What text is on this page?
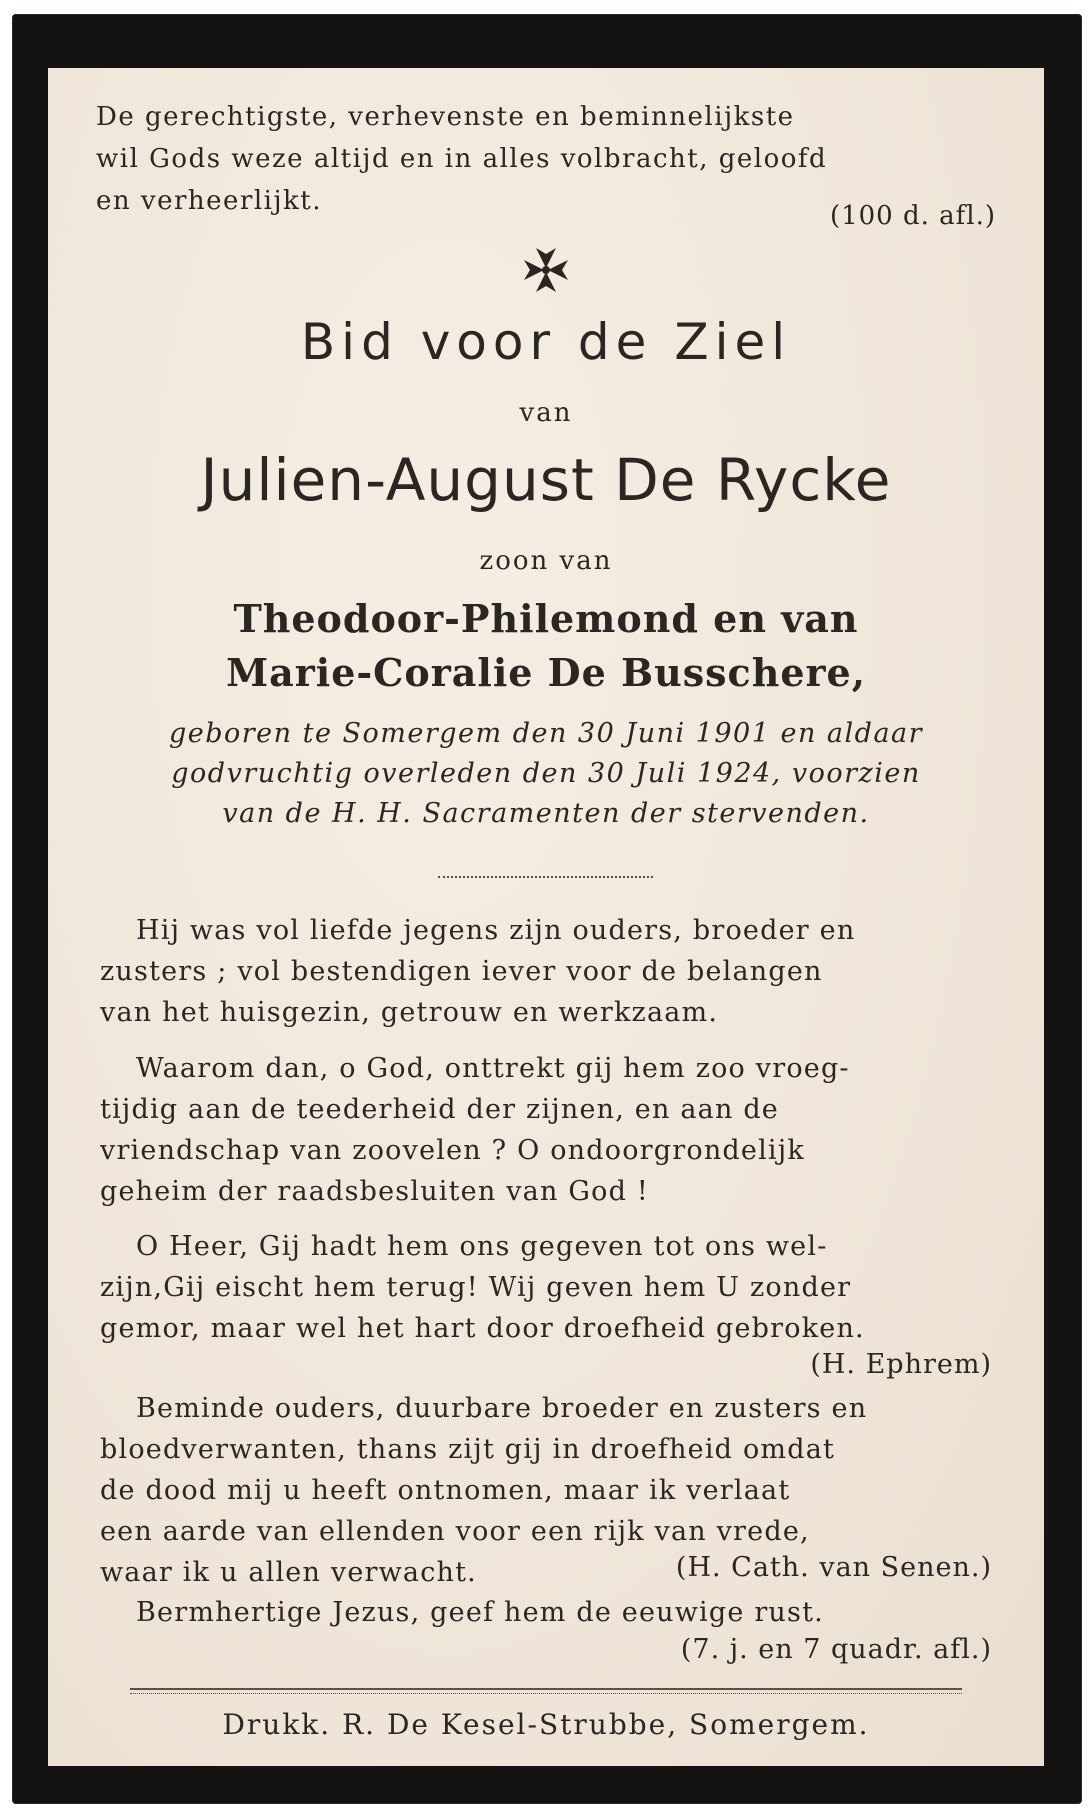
De gerechtigste, verhevenste en beminnelijkste
wil Gods weze altijd en in alles volbracht, geloofd
en verheerlijkt.	(100 d. afl.)
Bid voor de Ziel
van
Julien-August De Rycke
zoon van
Theodoor-Philemond en van
Marie-Coralie De Busschere,
geboren te Somergem den 30 Juni 1901 en aldaar
godvruchtig overleden den 30 Juli 1924, voorzien
van de H. H. Sacramenten der stervenden.
Hij was vol liefde jegens zijn ouders, broeder en
zusters ; vol bestendigen iever voor de belangen
van het huisgezin, getrouw en werkzaam.
Waarom dan, o God, onttrekt gij hem zoo vroeg-
tijdig aan de teederheid der zijnen, en aan de
vriendschap van zoovelen ? O ondoorgrondelijk
geheim der raadsbesluiten van God !
O Heer, Gij hadt hem ons gegeven tot ons wel-
zijn,Gij eischt hem terug! Wij geven hem U zonder
gemor, maar wel het hart door droefheid gebroken.
(H. Ephrem)
Beminde ouders, duurbare broeder en zusters en
bloedverwanten, thans zijt gij in droefheid omdat
de dood mij u heeft ontnomen, maar ik verlaat
een aarde van ellenden voor een rijk van vrede,
waar ik u allen verwacht.	(H. Cath. van Senen.)
Bermhertige Jezus, geef hem de eeuwige rust.
(7. j. en 7 quadr. afl.)
Drukk. R. De Kesel-Strubbe, Somergem.
